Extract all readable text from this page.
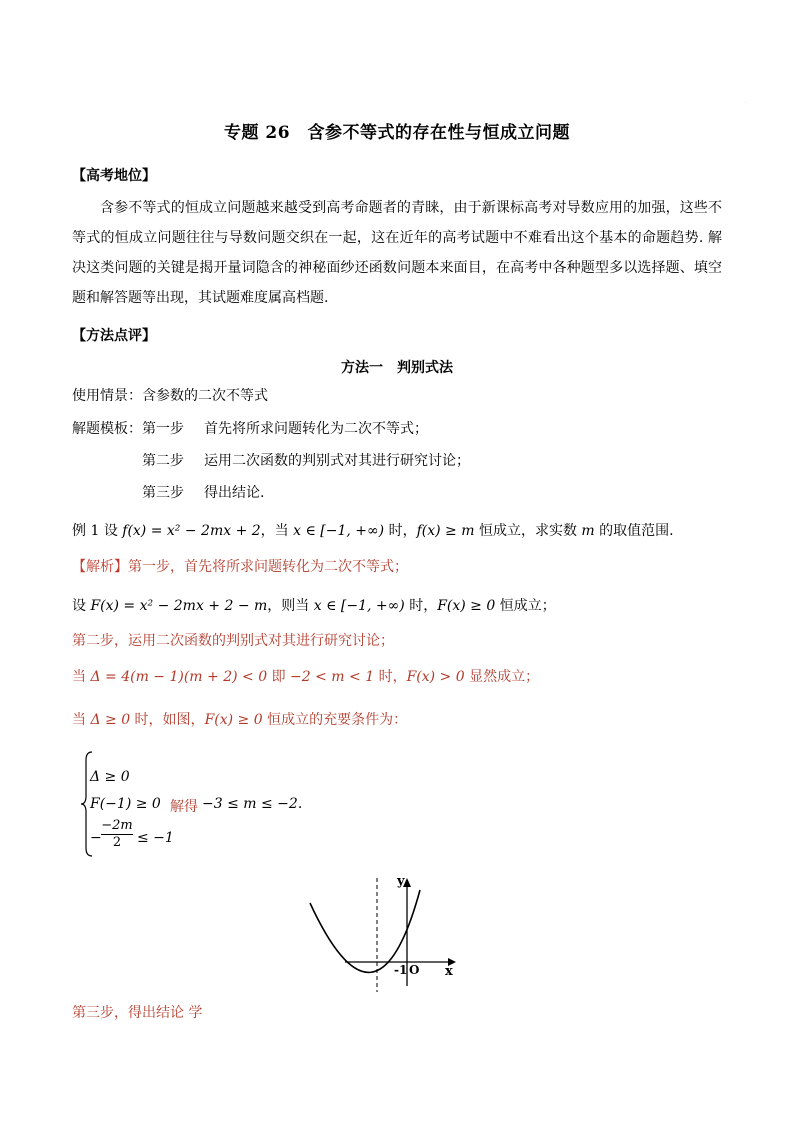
·
专题 26　含参不等式的存在性与恒成立问题
【高考地位】
含参不等式的恒成立问题越来越受到高考命题者的青睐，由于新课标高考对导数应用的加强，这些不等式的恒成立问题往往与导数问题交织在一起，这在近年的高考试题中不难看出这个基本的命题趋势. 解决这类问题的关键是揭开量词隐含的神秘面纱还函数问题本来面目，在高考中各种题型多以选择题、填空题和解答题等出现，其试题难度属高档题.
【方法点评】
方法一　判别式法
使用情景：含参数的二次不等式
解题模板：第一步 首先将所求问题转化为二次不等式；
第二步 运用二次函数的判别式对其进行研究讨论；
第三步 得出结论.
例 1 设 f(x) = x² − 2mx + 2，当 x ∈ [−1, +∞) 时，f(x) ≥ m 恒成立，求实数 m 的取值范围.
【解析】第一步，首先将所求问题转化为二次不等式；
设 F(x) = x² − 2mx + 2 − m，则当 x ∈ [−1, +∞) 时，F(x) ≥ 0 恒成立；
第二步，运用二次函数的判别式对其进行研究讨论；
当 Δ = 4(m − 1)(m + 2) < 0 即 −2 < m < 1 时，F(x) > 0 显然成立；
当 Δ ≥ 0 时，如图，F(x) ≥ 0 恒成立的充要条件为：
Δ ≥ 0
F(−1) ≥ 0 解得 −3 ≤ m ≤ −2.
− $\frac{-2m}{2} \le -1$
y
x
-1 O
第三步，得出结论 学
